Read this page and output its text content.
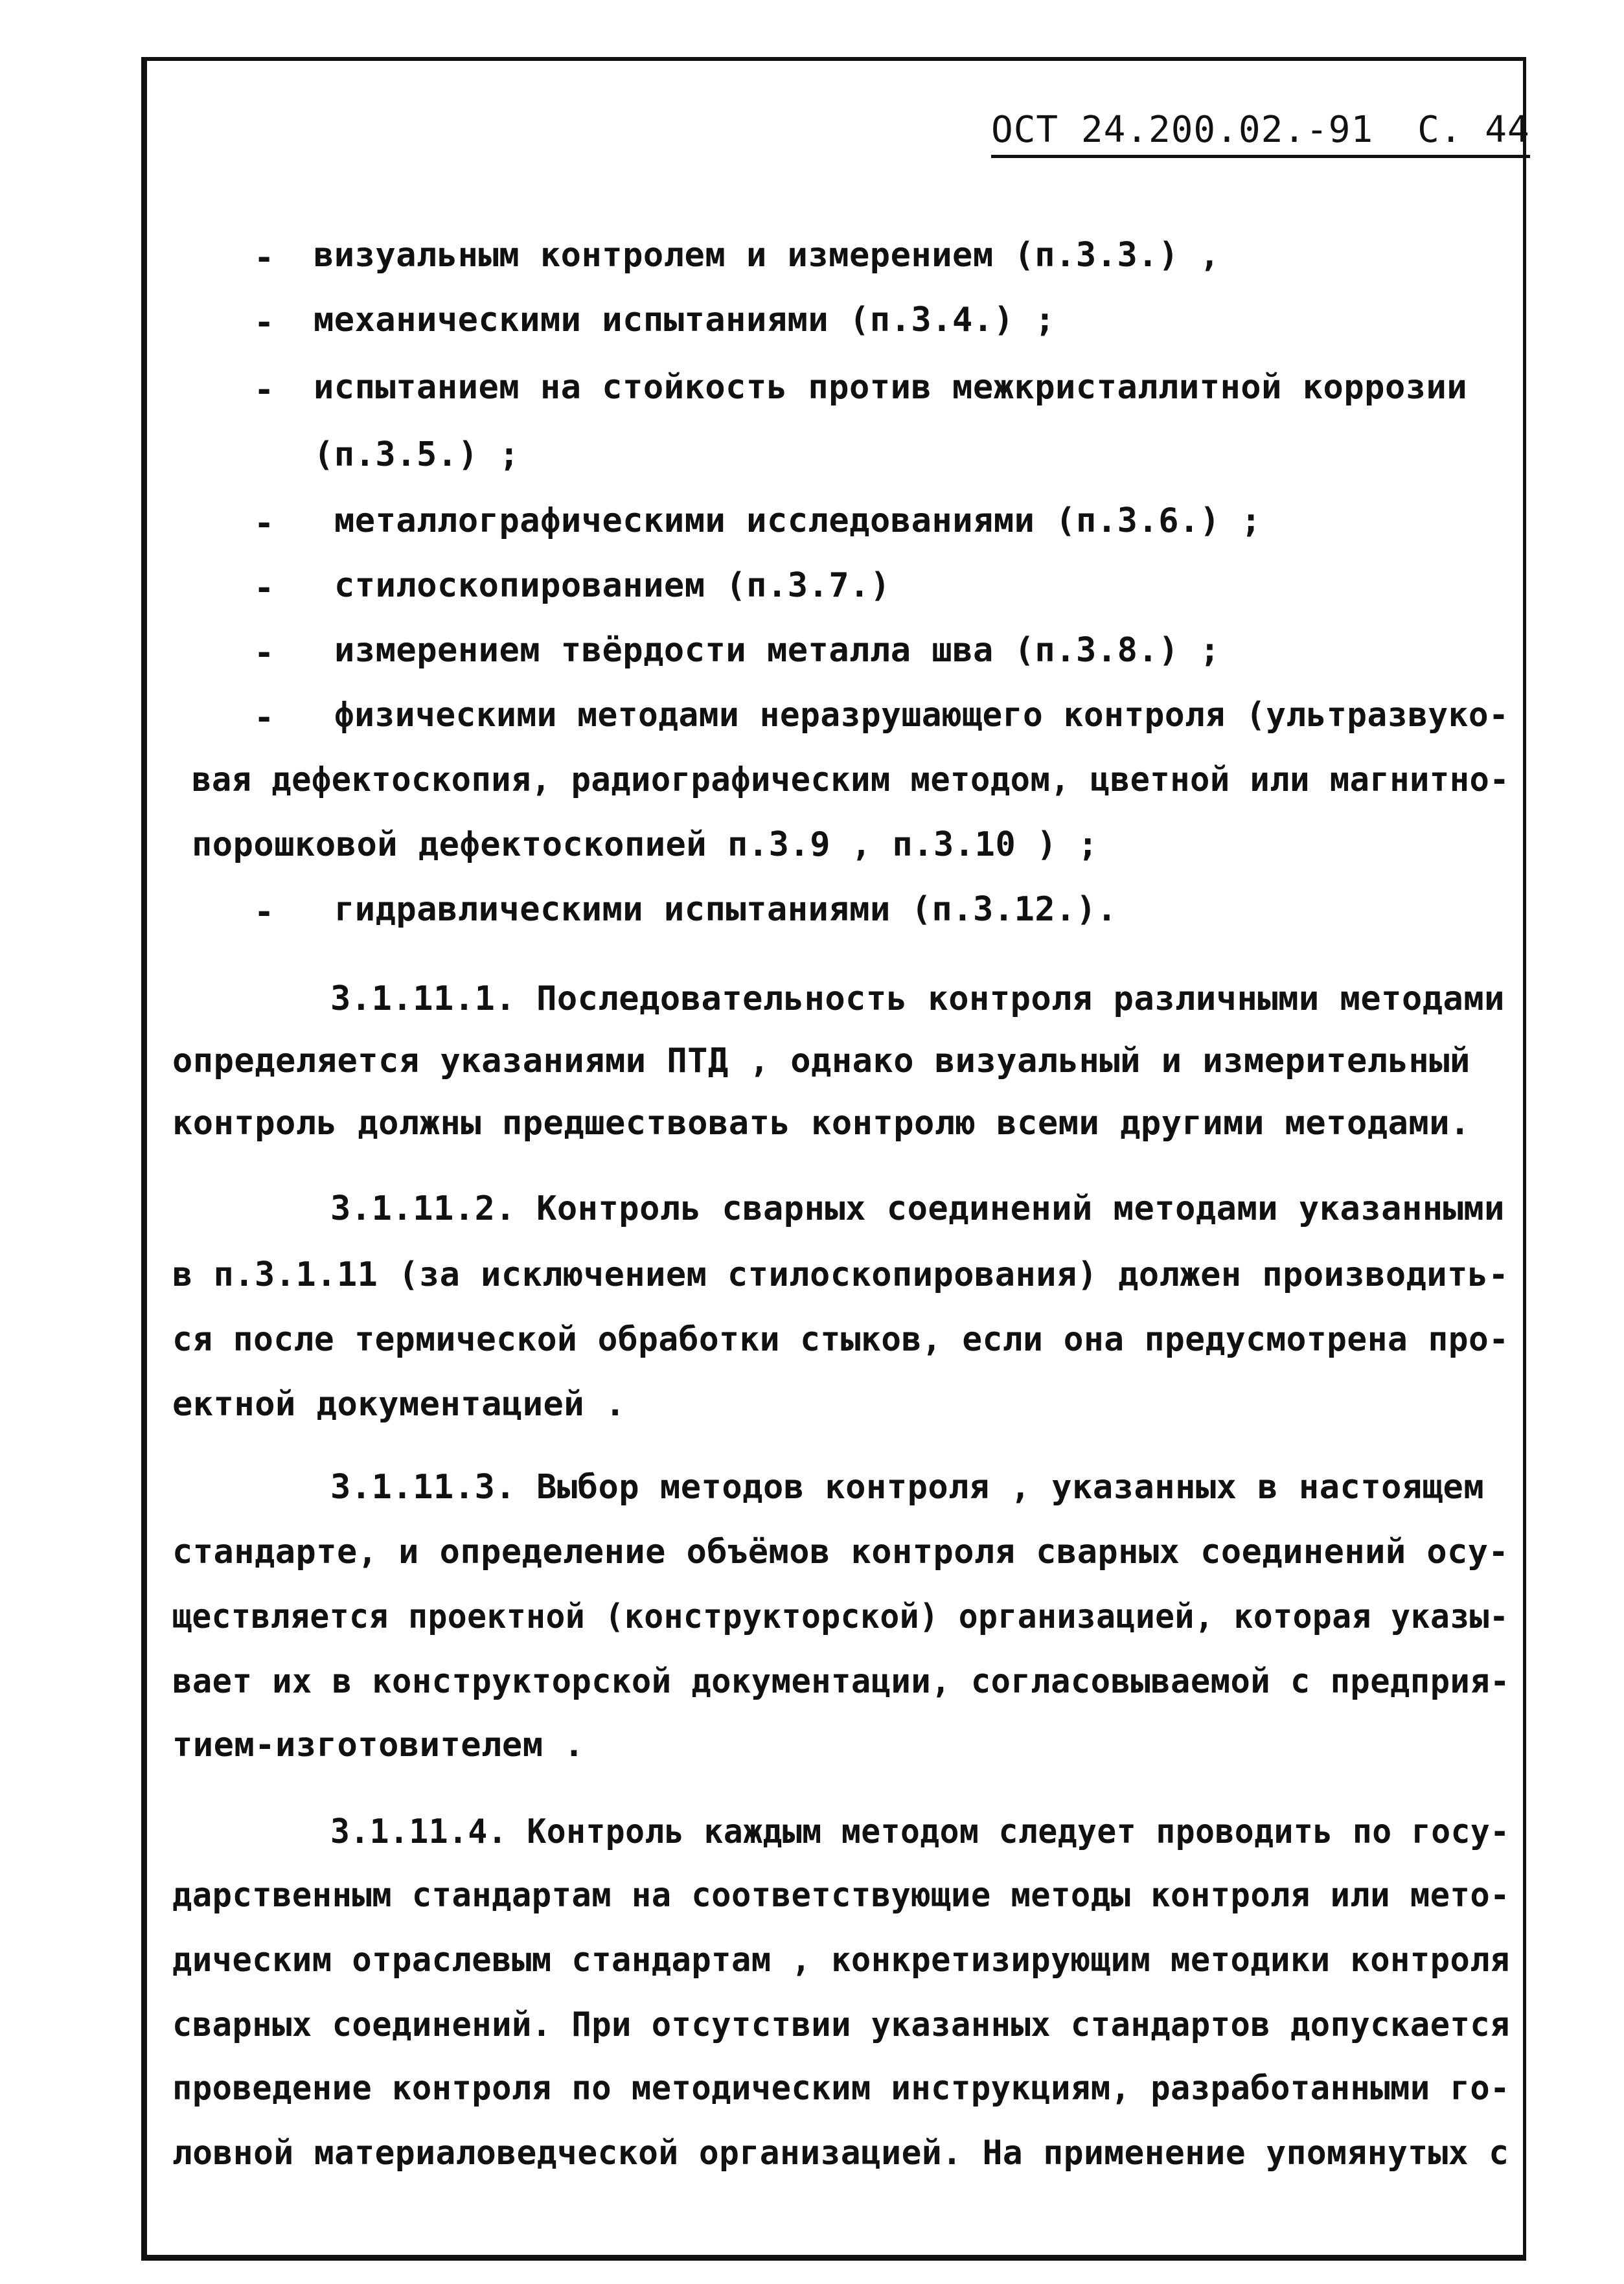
ОСТ 24.200.02.-91 С. 44
- визуальным контролем и измерением (п.3.3.) ,
- механическими испытаниями (п.3.4.) ;
- испытанием на стойкость против межкристаллитной коррозии
(п.3.5.) ;
- металлографическими исследованиями (п.3.6.) ;
- стилоскопированием (п.3.7.)
- измерением твёрдости металла шва (п.3.8.) ;
- физическими методами неразрушающего контроля (ультразвуко-
вая дефектоскопия, радиографическим методом, цветной или магнитно-
порошковой дефектоскопией п.3.9 , п.3.10 ) ;
- гидравлическими испытаниями (п.3.12.).
3.1.11.1. Последовательность контроля различными методами
определяется указаниями ПТД , однако визуальный и измерительный
контроль должны предшествовать контролю всеми другими методами.
3.1.11.2. Контроль сварных соединений методами указанными
в п.3.1.11 (за исключением стилоскопирования) должен производить-
ся после термической обработки стыков, если она предусмотрена про-
ектной документацией .
3.1.11.3. Выбор методов контроля , указанных в настоящем
стандарте, и определение объёмов контроля сварных соединений осу-
ществляется проектной (конструкторской) организацией, которая указы-
вает их в конструкторской документации, согласовываемой с предприя-
тием-изготовителем .
3.1.11.4. Контроль каждым методом следует проводить по госу-
дарственным стандартам на соответствующие методы контроля или мето-
дическим отраслевым стандартам , конкретизирующим методики контроля
сварных соединений. При отсутствии указанных стандартов допускается
проведение контроля по методическим инструкциям, разработанными го-
ловной материаловедческой организацией. На применение упомянутых с
